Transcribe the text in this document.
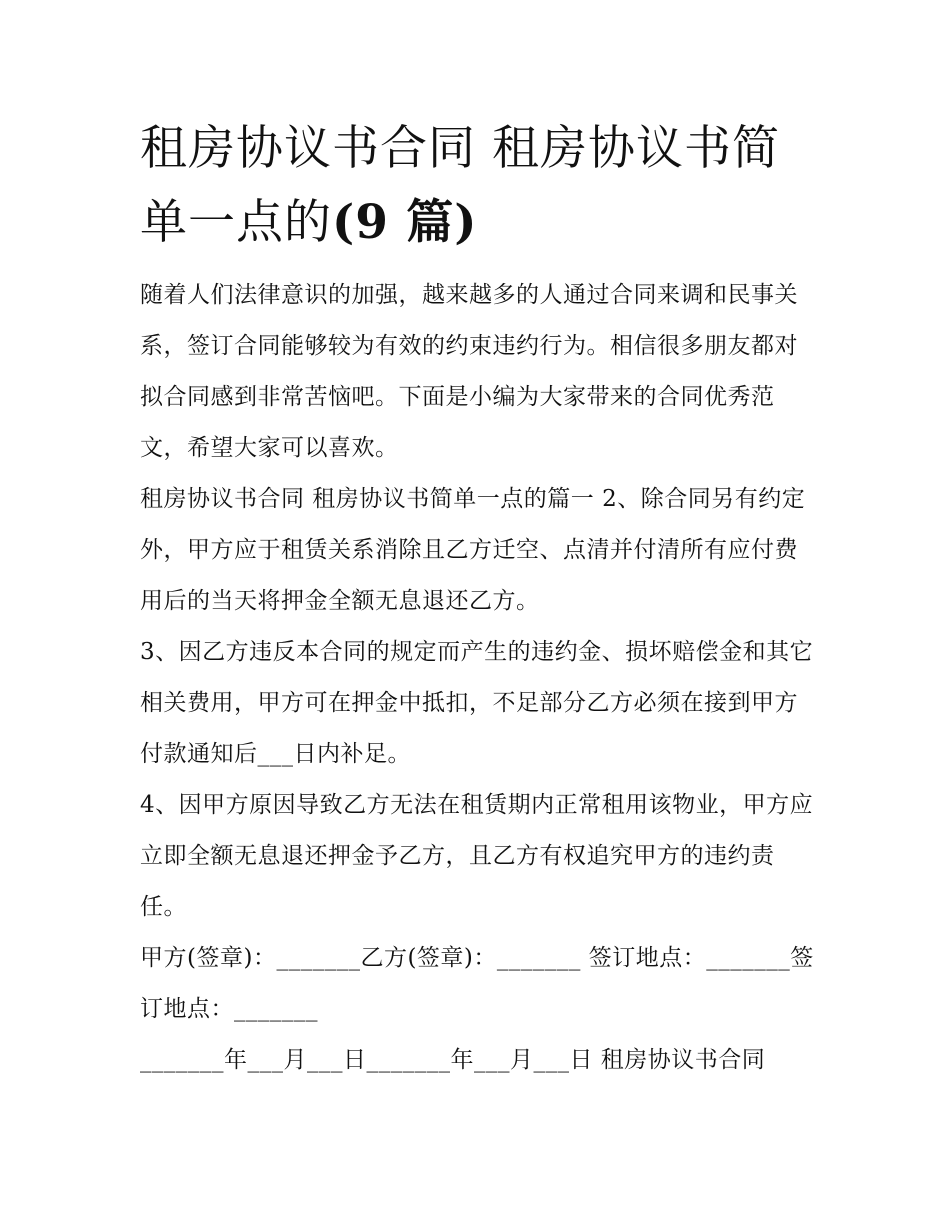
租房协议书合同 租房协议书简单一点的(9 篇)

随着人们法律意识的加强，越来越多的人通过合同来调和民事关系，签订合同能够较为有效的约束违约行为。相信很多朋友都对拟合同感到非常苦恼吧。下面是小编为大家带来的合同优秀范文，希望大家可以喜欢。

租房协议书合同 租房协议书简单一点的篇一 2、除合同另有约定外，甲方应于租赁关系消除且乙方迁空、点清并付清所有应付费用后的当天将押金全额无息退还乙方。

3、因乙方违反本合同的规定而产生的违约金、损坏赔偿金和其它相关费用，甲方可在押金中抵扣，不足部分乙方必须在接到甲方付款通知后___日内补足。

4、因甲方原因导致乙方无法在租赁期内正常租用该物业，甲方应立即全额无息退还押金予乙方，且乙方有权追究甲方的违约责任。

甲方(签章)：_______乙方(签章)：_______ 签订地点：_______签订地点：_______

_______年___月___日_______年___月___日 租房协议书合同
